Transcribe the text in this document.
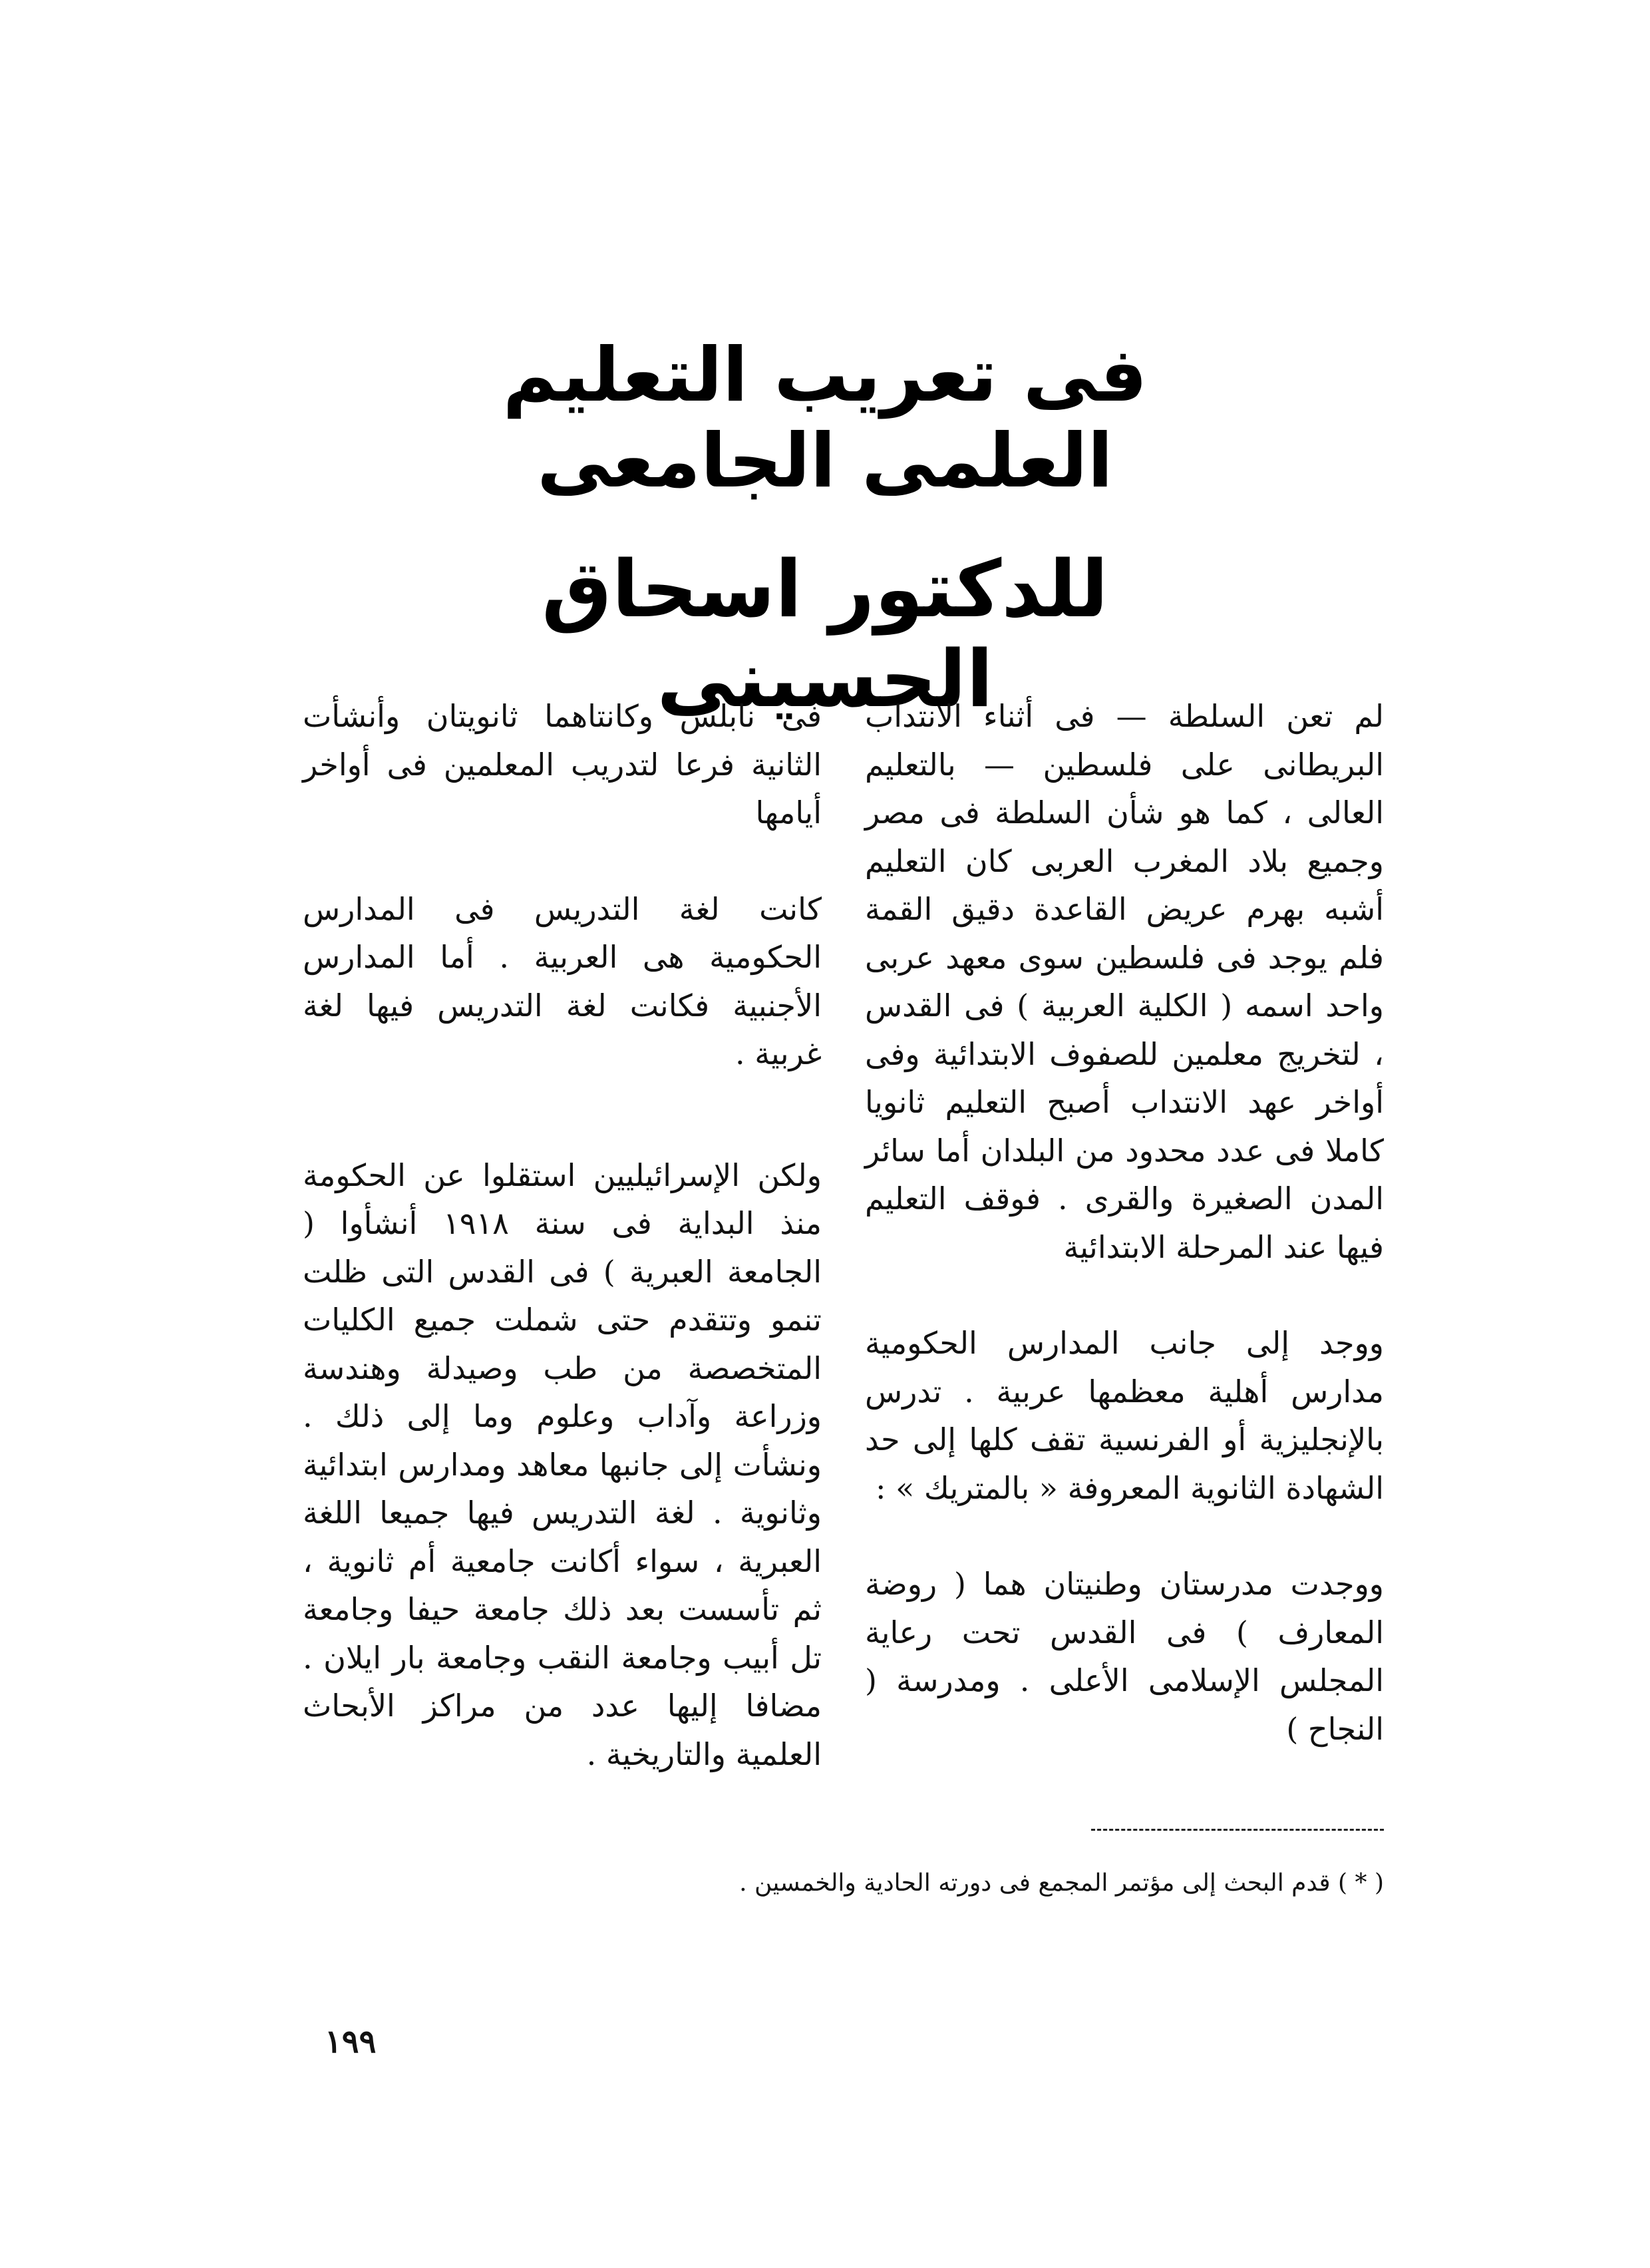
فى تعريب التعليم العلمى الجامعى
للدكتور اسحاق الحسينى

لم تعن السلطة — فى أثناء الانتداب البريطانى على فلسطين — بالتعليم العالى ، كما هو شأن السلطة فى مصر وجميع بلاد المغرب العربى كان التعليم أشبه بهرم عريض القاعدة دقيق القمة فلم يوجد فى فلسطين سوى معهد عربى واحد اسمه ( الكلية العربية ) فى القدس ، لتخريج معلمين للصفوف الابتدائية وفى أواخر عهد الانتداب أصبح التعليم ثانويا كاملا فى عدد محدود من البلدان أما سائر المدن الصغيرة والقرى . فوقف التعليم فيها عند المرحلة الابتدائية

ووجد إلى جانب المدارس الحكومية مدارس أهلية معظمها عربية . تدرس بالإنجليزية أو الفرنسية تقف كلها إلى حد الشهادة الثانوية المعروفة « بالمتريك » :

ووجدت مدرستان وطنيتان هما ( روضة المعارف ) فى القدس تحت رعاية المجلس الإسلامى الأعلى . ومدرسة ( النجاح )

فى نابلس وكانتاهما ثانويتان وأنشأت الثانية فرعا لتدريب المعلمين فى أواخر أيامها

كانت لغة التدريس فى المدارس الحكومية هى العربية . أما المدارس الأجنبية فكانت لغة التدريس فيها لغة غربية .

ولكن الإسرائيليين استقلوا عن الحكومة منذ البداية فى سنة ١٩١٨ أنشأوا ( الجامعة العبرية ) فى القدس التى ظلت تنمو وتتقدم حتى شملت جميع الكليات المتخصصة من طب وصيدلة وهندسة وزراعة وآداب وعلوم وما إلى ذلك . ونشأت إلى جانبها معاهد ومدارس ابتدائية وثانوية . لغة التدريس فيها جميعا اللغة العبرية ، سواء أكانت جامعية أم ثانوية ، ثم تأسست بعد ذلك جامعة حيفا وجامعة تل أبيب وجامعة النقب وجامعة بار ايلان . مضافا إليها عدد من مراكز الأبحاث العلمية والتاريخية .

( * ) قدم البحث إلى مؤتمر المجمع فى دورته الحادية والخمسين .
١٩٩
